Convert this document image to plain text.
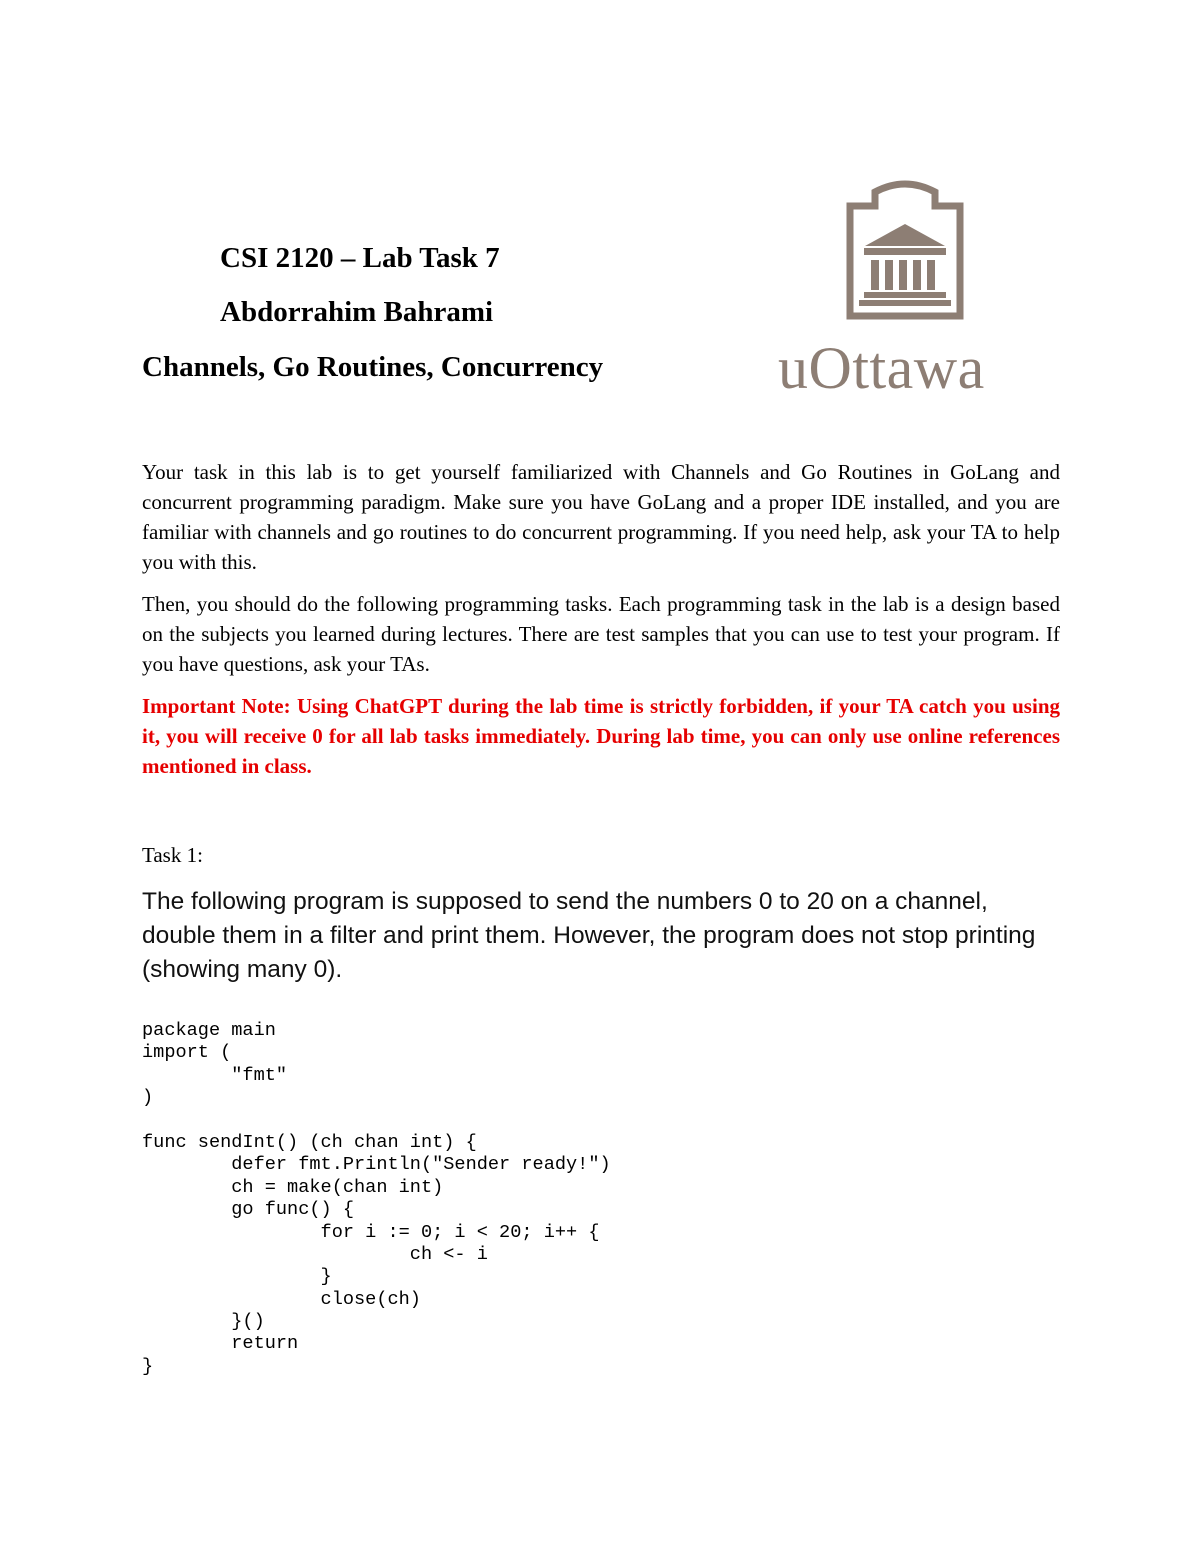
CSI 2120 – Lab Task 7
Abdorrahim Bahrami
Channels, Go Routines, Concurrency	uOttawa

Your task in this lab is to get yourself familiarized with Channels and Go Routines in GoLang and concurrent programming paradigm. Make sure you have GoLang and a proper IDE installed, and you are familiar with channels and go routines to do concurrent programming. If you need help, ask your TA to help you with this.

Then, you should do the following programming tasks. Each programming task in the lab is a design based on the subjects you learned during lectures. There are test samples that you can use to test your program. If you have questions, ask your TAs.

Important Note: Using ChatGPT during the lab time is strictly forbidden, if your TA catch you using it, you will receive 0 for all lab tasks immediately. During lab time, you can only use online references mentioned in class.

Task 1:

The following program is supposed to send the numbers 0 to 20 on a channel, double them in a filter and print them. However, the program does not stop printing (showing many 0).

package main
import (
	"fmt"
)
func sendInt() (ch chan int) {
	defer fmt.Println("Sender ready!")
	ch = make(chan int)
	go func() {
		for i := 0; i < 20; i++ {
			ch <- i
		}
		close(ch)
	}()
	return
}
